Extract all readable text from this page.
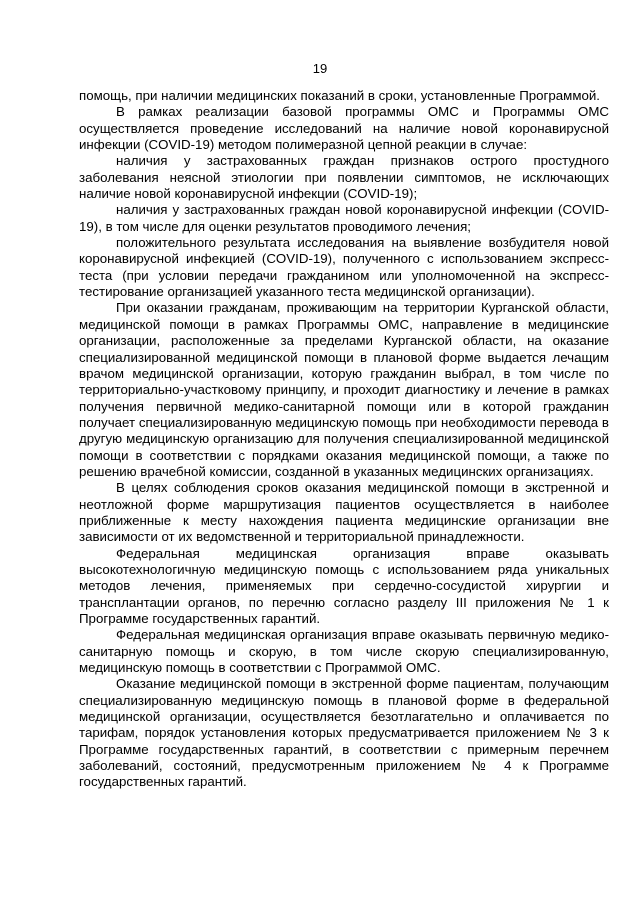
19

помощь, при наличии медицинских показаний в сроки, установленные Программой.

В рамках реализации базовой программы ОМС и Программы ОМС осуществляется проведение исследований на наличие новой коронавирусной инфекции (COVID-19) методом полимеразной цепной реакции в случае:

наличия у застрахованных граждан признаков острого простудного заболевания неясной этиологии при появлении симптомов, не исключающих наличие новой коронавирусной инфекции (COVID-19);

наличия у застрахованных граждан новой коронавирусной инфекции (COVID-19), в том числе для оценки результатов проводимого лечения;

положительного результата исследования на выявление возбудителя новой коронавирусной инфекцией (COVID-19), полученного с использованием экспресс-теста (при условии передачи гражданином или уполномоченной на экспресс-тестирование организацией указанного теста медицинской организации).

При оказании гражданам, проживающим на территории Курганской области, медицинской помощи в рамках Программы ОМС, направление в медицинские организации, расположенные за пределами Курганской области, на оказание специализированной медицинской помощи в плановой форме выдается лечащим врачом медицинской организации, которую гражданин выбрал, в том числе по территориально-участковому принципу, и проходит диагностику и лечение в рамках получения первичной медико-санитарной помощи или в которой гражданин получает специализированную медицинскую помощь при необходимости перевода в другую медицинскую организацию для получения специализированной медицинской помощи в соответствии с порядками оказания медицинской помощи, а также по решению врачебной комиссии, созданной в указанных медицинских организациях.

В целях соблюдения сроков оказания медицинской помощи в экстренной и неотложной форме маршрутизация пациентов осуществляется в наиболее приближенные к месту нахождения пациента медицинские организации вне зависимости от их ведомственной и территориальной принадлежности.

Федеральная медицинская организация вправе оказывать высокотехнологичную медицинскую помощь с использованием ряда уникальных методов лечения, применяемых при сердечно-сосудистой хирургии и трансплантации органов, по перечню согласно разделу III приложения № 1 к Программе государственных гарантий.

Федеральная медицинская организация вправе оказывать первичную медико-санитарную помощь и скорую, в том числе скорую специализированную, медицинскую помощь в соответствии с Программой ОМС.

Оказание медицинской помощи в экстренной форме пациентам, получающим специализированную медицинскую помощь в плановой форме в федеральной медицинской организации, осуществляется безотлагательно и оплачивается по тарифам, порядок установления которых предусматривается приложением № 3 к Программе государственных гарантий, в соответствии с примерным перечнем заболеваний, состояний, предусмотренным приложением № 4 к Программе государственных гарантий.
